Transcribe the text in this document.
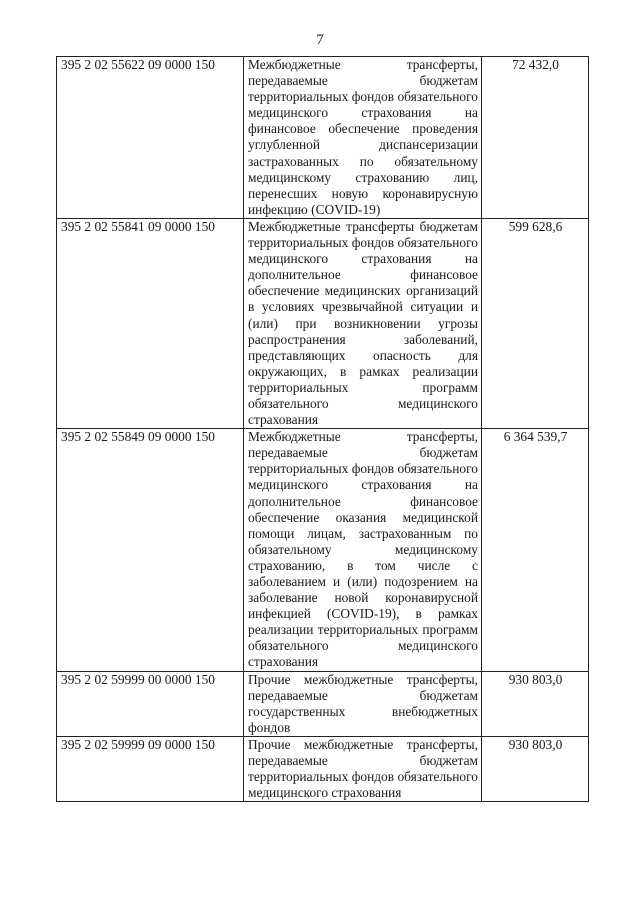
7
395 2 02 55622 09 0000 150	Межбюджетные трансферты, передаваемые бюджетам территориальных фондов обязательного медицинского страхования на финансовое обеспечение проведения углубленной диспансеризации застрахованных по обязательному медицинскому страхованию лиц, перенесших новую коронавирусную инфекцию (COVID-19)	72 432,0
395 2 02 55841 09 0000 150	Межбюджетные трансферты бюджетам территориальных фондов обязательного медицинского страхования на дополнительное финансовое обеспечение медицинских организаций в условиях чрезвычайной ситуации и (или) при возникновении угрозы распространения заболеваний, представляющих опасность для окружающих, в рамках реализации территориальных программ обязательного медицинского страхования	599 628,6
395 2 02 55849 09 0000 150	Межбюджетные трансферты, передаваемые бюджетам территориальных фондов обязательного медицинского страхования на дополнительное финансовое обеспечение оказания медицинской помощи лицам, застрахованным по обязательному медицинскому страхованию, в том числе с заболеванием и (или) подозрением на заболевание новой коронавирусной инфекцией (COVID-19), в рамках реализации территориальных программ обязательного медицинского страхования	6 364 539,7
395 2 02 59999 00 0000 150	Прочие межбюджетные трансферты, передаваемые бюджетам государственных внебюджетных фондов	930 803,0
395 2 02 59999 09 0000 150	Прочие межбюджетные трансферты, передаваемые бюджетам территориальных фондов обязательного медицинского страхования	930 803,0
